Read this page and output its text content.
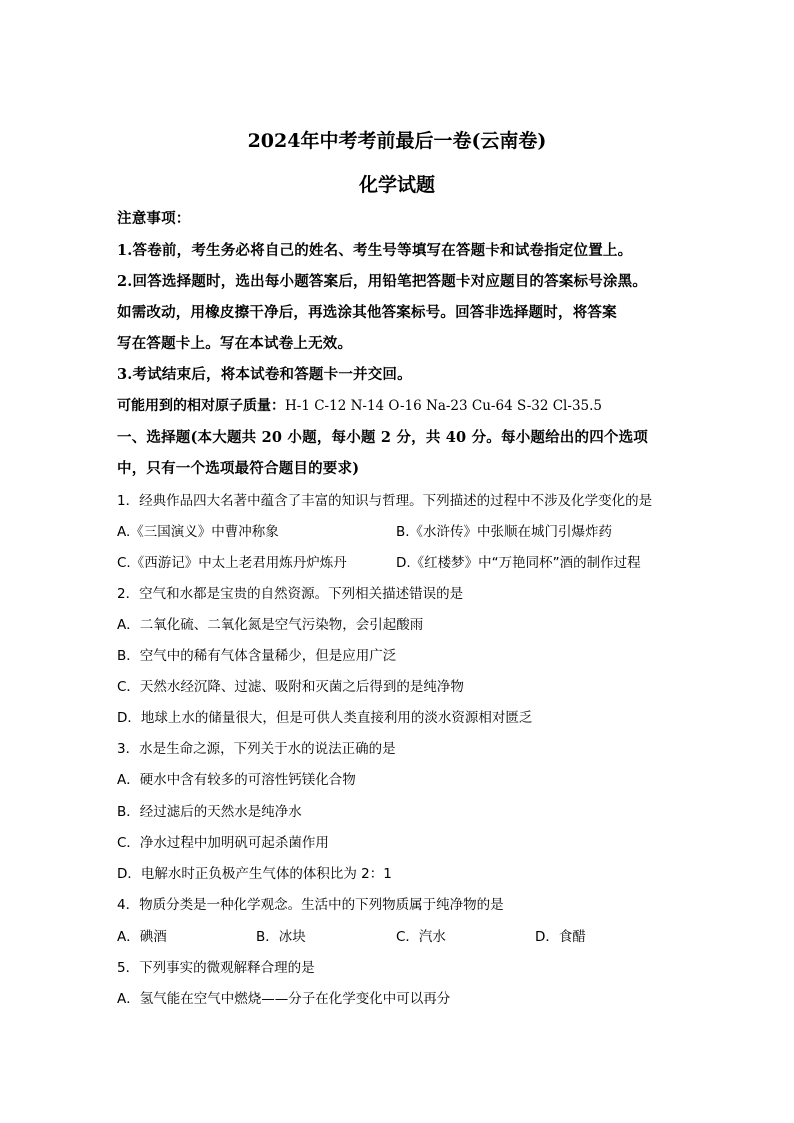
2024年中考考前最后一卷(云南卷)
化学试题
注意事项：
1.答卷前，考生务必将自己的姓名、考生号等填写在答题卡和试卷指定位置上。
2.回答选择题时，选出每小题答案后，用铅笔把答题卡对应题目的答案标号涂黑。
如需改动，用橡皮擦干净后，再选涂其他答案标号。回答非选择题时，将答案
写在答题卡上。写在本试卷上无效。
3.考试结束后，将本试卷和答题卡一并交回。
可能用到的相对原子质量：H-1 C-12 N-14 O-16 Na-23 Cu-64 S-32 Cl-35.5
一、选择题(本大题共 20 小题，每小题 2 分，共 40 分。每小题给出的四个选项
中，只有一个选项最符合题目的要求)
1．经典作品四大名著中蕴含了丰富的知识与哲理。下列描述的过程中不涉及化学变化的是
A.《三国演义》中曹冲称象	B.《水浒传》中张顺在城门引爆炸药
C.《西游记》中太上老君用炼丹炉炼丹	D.《红楼梦》中“万艳同杯”酒的制作过程
2．空气和水都是宝贵的自然资源。下列相关描述错误的是
A．二氧化硫、二氧化氮是空气污染物，会引起酸雨
B．空气中的稀有气体含量稀少，但是应用广泛
C．天然水经沉降、过滤、吸附和灭菌之后得到的是纯净物
D．地球上水的储量很大，但是可供人类直接利用的淡水资源相对匮乏
3．水是生命之源，下列关于水的说法正确的是
A．硬水中含有较多的可溶性钙镁化合物
B．经过滤后的天然水是纯净水
C．净水过程中加明矾可起杀菌作用
D．电解水时正负极产生气体的体积比为 2：1
4．物质分类是一种化学观念。生活中的下列物质属于纯净物的是
A．碘酒	B．冰块	C．汽水	D．食醋
5．下列事实的微观解释合理的是
A．氢气能在空气中燃烧——分子在化学变化中可以再分
